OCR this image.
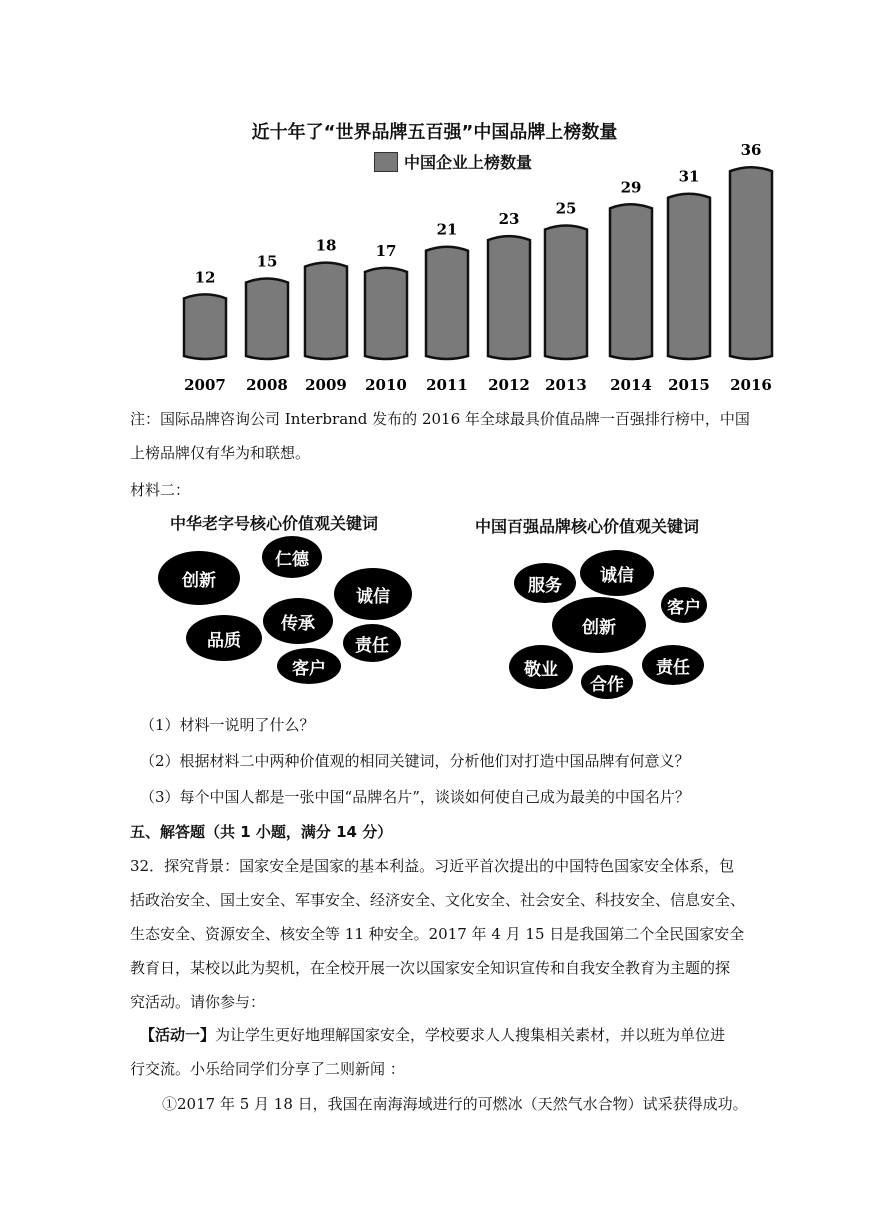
近十年了“世界品牌五百强”中国品牌上榜数量
中国企业上榜数量
12
2007
15
2008
18
2009
17
2010
21
2011
23
2012
25
2013
29
2014
31
2015
36
2016
注：国际品牌咨询公司 Interbrand 发布的 2016 年全球最具价值品牌一百强排行榜中，中国
上榜品牌仅有华为和联想。
材料二：
中华老字号核心价值观关键词	中国百强品牌核心价值观关键词
创新
仁德
诚信
品质
传承
责任
客户
服务	诚信
客户
创新
敬业
合作
责任
（1）材料一说明了什么？
（2）根据材料二中两种价值观的相同关键词，分析他们对打造中国品牌有何意义？
（3）每个中国人都是一张中国“品牌名片”，谈谈如何使自己成为最美的中国名片？
五、解答题（共 1 小题，满分 14 分）
32．探究背景：国家安全是国家的基本利益。习近平首次提出的中国特色国家安全体系，包
括政治安全、国土安全、军事安全、经济安全、文化安全、社会安全、科技安全、信息安全、
生态安全、资源安全、核安全等 11 种安全。2017 年 4 月 15 日是我国第二个全民国家安全
教育日，某校以此为契机，在全校开展一次以国家安全知识宣传和自我安全教育为主题的探
究活动。请你参与：
【活动一】为让学生更好地理解国家安全，学校要求人人搜集相关素材，并以班为单位进
行交流。小乐给同学们分享了二则新闻 ：
①2017 年 5 月 18 日，我国在南海海域进行的可燃冰（天然气水合物）试采获得成功。
